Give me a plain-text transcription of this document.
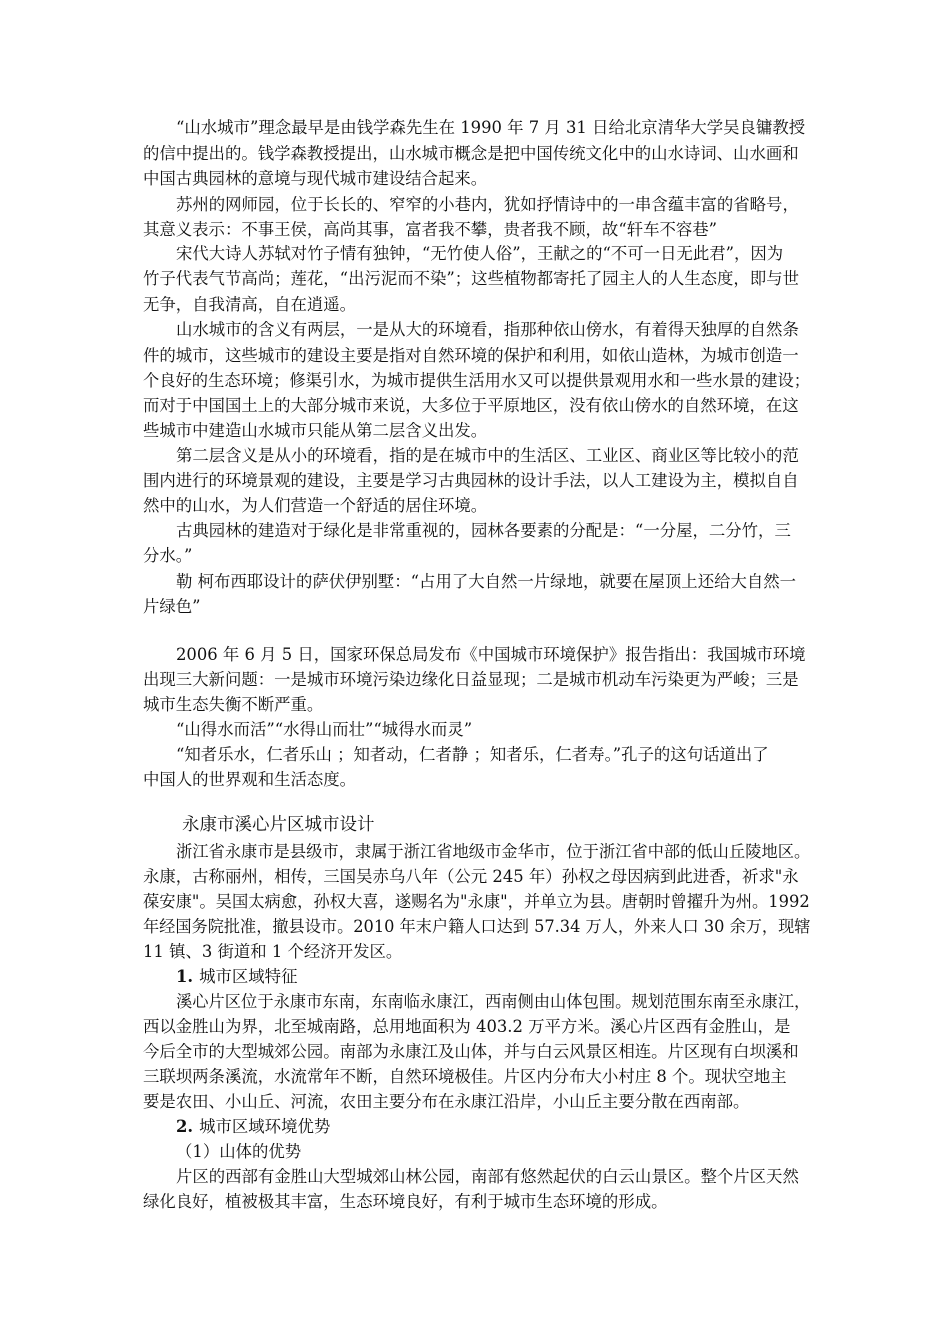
“山水城市”理念最早是由钱学森先生在 1990 年 7 月 31 日给北京清华大学吴良镛教授
的信中提出的。钱学森教授提出，山水城市概念是把中国传统文化中的山水诗词、山水画和
中国古典园林的意境与现代城市建设结合起来。
苏州的网师园，位于长长的、窄窄的小巷内，犹如抒情诗中的一串含蕴丰富的省略号，
其意义表示：不事王侯，高尚其事，富者我不攀，贵者我不顾，故“轩车不容巷”
宋代大诗人苏轼对竹子情有独钟，“无竹使人俗”，王献之的“不可一日无此君”，因为
竹子代表气节高尚；莲花，“出污泥而不染”；这些植物都寄托了园主人的人生态度，即与世
无争，自我清高，自在逍遥。
山水城市的含义有两层，一是从大的环境看，指那种依山傍水，有着得天独厚的自然条
件的城市，这些城市的建设主要是指对自然环境的保护和利用，如依山造林，为城市创造一
个良好的生态环境；修渠引水，为城市提供生活用水又可以提供景观用水和一些水景的建设；
而对于中国国土上的大部分城市来说，大多位于平原地区，没有依山傍水的自然环境，在这
些城市中建造山水城市只能从第二层含义出发。
第二层含义是从小的环境看，指的是在城市中的生活区、工业区、商业区等比较小的范
围内进行的环境景观的建设，主要是学习古典园林的设计手法，以人工建设为主，模拟自自
然中的山水，为人们营造一个舒适的居住环境。
古典园林的建造对于绿化是非常重视的，园林各要素的分配是：“一分屋，二分竹，三
分水。”
勒 柯布西耶设计的萨伏伊别墅：“占用了大自然一片绿地，就要在屋顶上还给大自然一
片绿色”
2006 年 6 月 5 日，国家环保总局发布《中国城市环境保护》报告指出：我国城市环境
出现三大新问题：一是城市环境污染边缘化日益显现；二是城市机动车污染更为严峻；三是
城市生态失衡不断严重。
“山得水而活”“水得山而壮”“城得水而灵”
“知者乐水，仁者乐山 ；知者动，仁者静 ；知者乐，仁者寿。”孔子的这句话道出了
中国人的世界观和生活态度。
永康市溪心片区城市设计
浙江省永康市是县级市，隶属于浙江省地级市金华市，位于浙江省中部的低山丘陵地区。
永康，古称丽州，相传，三国吴赤乌八年（公元 245 年）孙权之母因病到此进香，祈求"永
葆安康"。吴国太病愈，孙权大喜，遂赐名为"永康"，并单立为县。唐朝时曾擢升为州。1992
年经国务院批准，撤县设市。2010 年末户籍人口达到 57.34 万人，外来人口 30 余万，现辖
11 镇、3 街道和 1 个经济开发区。
1. 城市区域特征
溪心片区位于永康市东南，东南临永康江，西南侧由山体包围。规划范围东南至永康江，
西以金胜山为界，北至城南路，总用地面积为 403.2 万平方米。溪心片区西有金胜山，是
今后全市的大型城郊公园。南部为永康江及山体，并与白云风景区相连。片区现有白坝溪和
三联坝两条溪流，水流常年不断，自然环境极佳。片区内分布大小村庄 8 个。现状空地主
要是农田、小山丘、河流，农田主要分布在永康江沿岸，小山丘主要分散在西南部。
2. 城市区域环境优势
（1）山体的优势
片区的西部有金胜山大型城郊山林公园，南部有悠然起伏的白云山景区。整个片区天然
绿化良好，植被极其丰富，生态环境良好，有利于城市生态环境的形成。
